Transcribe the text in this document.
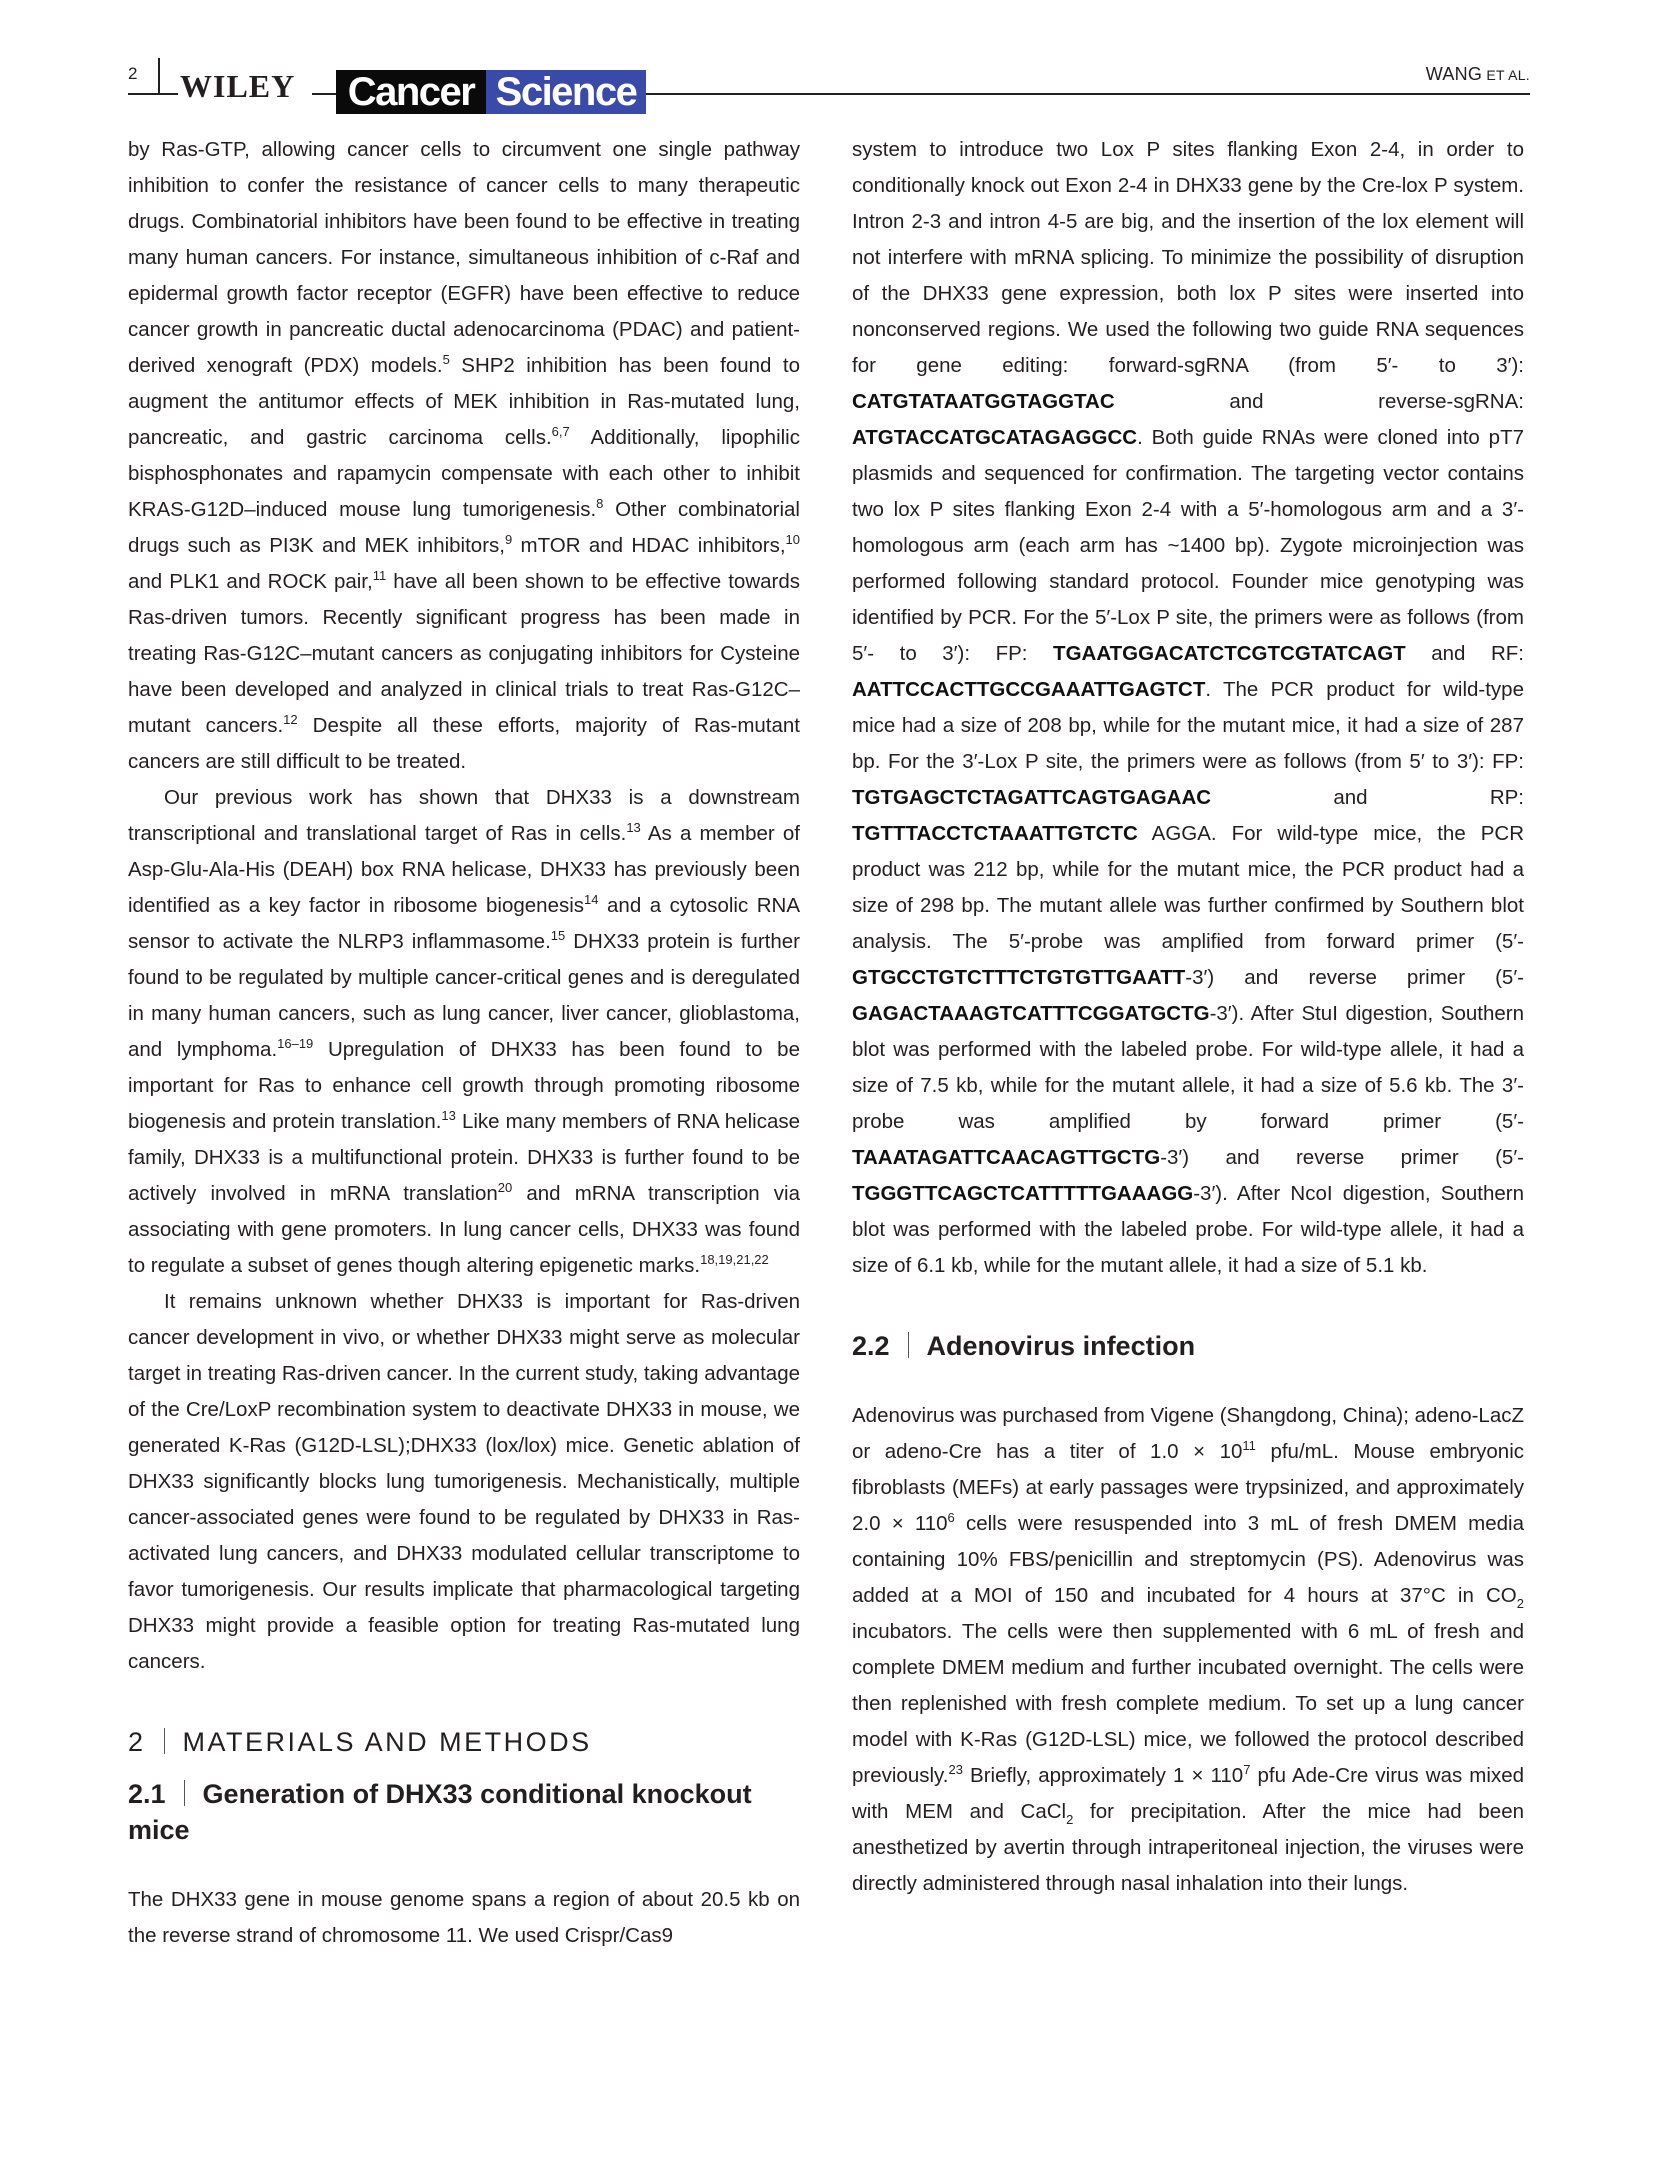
2 WILEY Cancer Science	WANG ET AL.

by Ras-GTP, allowing cancer cells to circumvent one single pathway inhibition to confer the resistance of cancer cells to many therapeutic drugs. Combinatorial inhibitors have been found to be effective in treating many human cancers. For instance, simultaneous inhibition of c-Raf and epidermal growth factor receptor (EGFR) have been effective to reduce cancer growth in pancreatic ductal adenocarcinoma (PDAC) and patient-derived xenograft (PDX) models.$^5$ SHP2 inhibition has been found to augment the antitumor effects of MEK inhibition in Ras-mutated lung, pancreatic, and gastric carcinoma cells.$^{6,7}$ Additionally, lipophilic bisphosphonates and rapamycin compensate with each other to inhibit KRAS-G12D–induced mouse lung tumorigenesis.$^8$ Other combinatorial drugs such as PI3K and MEK inhibitors,$^9$ mTOR and HDAC inhibitors,$^{10}$ and PLK1 and ROCK pair,$^{11}$ have all been shown to be effective towards Ras-driven tumors. Recently significant progress has been made in treating Ras-G12C–mutant cancers as conjugating inhibitors for Cysteine have been developed and analyzed in clinical trials to treat Ras-G12C–mutant cancers.$^{12}$ Despite all these efforts, majority of Ras-mutant cancers are still difficult to be treated.

Our previous work has shown that DHX33 is a downstream transcriptional and translational target of Ras in cells.$^{13}$ As a member of Asp-Glu-Ala-His (DEAH) box RNA helicase, DHX33 has previously been identified as a key factor in ribosome biogenesis$^{14}$ and a cytosolic RNA sensor to activate the NLRP3 inflammasome.$^{15}$ DHX33 protein is further found to be regulated by multiple cancer-critical genes and is deregulated in many human cancers, such as lung cancer, liver cancer, glioblastoma, and lymphoma.$^{16-19}$ Upregulation of DHX33 has been found to be important for Ras to enhance cell growth through promoting ribosome biogenesis and protein translation.$^{13}$ Like many members of RNA helicase family, DHX33 is a multifunctional protein. DHX33 is further found to be actively involved in mRNA translation$^{20}$ and mRNA transcription via associating with gene promoters. In lung cancer cells, DHX33 was found to regulate a subset of genes though altering epigenetic marks.$^{18,19,21,22}$

It remains unknown whether DHX33 is important for Ras-driven cancer development in vivo, or whether DHX33 might serve as molecular target in treating Ras-driven cancer. In the current study, taking advantage of the Cre/LoxP recombination system to deactivate DHX33 in mouse, we generated K-Ras (G12D-LSL);DHX33 (lox/lox) mice. Genetic ablation of DHX33 significantly blocks lung tumorigenesis. Mechanistically, multiple cancer-associated genes were found to be regulated by DHX33 in Ras-activated lung cancers, and DHX33 modulated cellular transcriptome to favor tumorigenesis. Our results implicate that pharmacological targeting DHX33 might provide a feasible option for treating Ras-mutated lung cancers.

2 MATERIALS AND METHODS
2.1 Generation of DHX33 conditional knockout mice

The DHX33 gene in mouse genome spans a region of about 20.5 kb on the reverse strand of chromosome 11. We used Crispr/Cas9

system to introduce two Lox P sites flanking Exon 2-4, in order to conditionally knock out Exon 2-4 in DHX33 gene by the Cre-lox P system. Intron 2-3 and intron 4-5 are big, and the insertion of the lox element will not interfere with mRNA splicing. To minimize the possibility of disruption of the DHX33 gene expression, both lox P sites were inserted into nonconserved regions. We used the following two guide RNA sequences for gene editing: forward-sgRNA (from 5′- to 3′): CATGTATAATGGTAGGTAC and reverse-sgRNA: ATGTACCATGCATAGAGGCC. Both guide RNAs were cloned into pT7 plasmids and sequenced for confirmation. The targeting vector contains two lox P sites flanking Exon 2-4 with a 5′-homologous arm and a 3′-homologous arm (each arm has ~1400 bp). Zygote microinjection was performed following standard protocol. Founder mice genotyping was identified by PCR. For the 5′-Lox P site, the primers were as follows (from 5′- to 3′): FP: TGAATGGACATCTCGTCGTATCAGT and RF: AATTCCACTTGCCGAAATTGAGTCT. The PCR product for wild-type mice had a size of 208 bp, while for the mutant mice, it had a size of 287 bp. For the 3′-Lox P site, the primers were as follows (from 5′ to 3′): FP: TGTGAGCTCTAGATTCAGTGAGAAC and RP: TGTTTACCTCTAAATTGTCTC AGGA. For wild-type mice, the PCR product was 212 bp, while for the mutant mice, the PCR product had a size of 298 bp. The mutant allele was further confirmed by Southern blot analysis. The 5′-probe was amplified from forward primer (5′-GTGCCTGTCTTTCTGTGTTGAATT-3′) and reverse primer (5′-GAGACTAAAGTCATTTCGGATGCTG-3′). After StuI digestion, Southern blot was performed with the labeled probe. For wild-type allele, it had a size of 7.5 kb, while for the mutant allele, it had a size of 5.6 kb. The 3′-probe was amplified by forward primer (5′-TAAATAGATTCAACAGTTGCTG-3′) and reverse primer (5′-TGGGTTCAGCTCATTTTTGAAAGG-3′). After NcoI digestion, Southern blot was performed with the labeled probe. For wild-type allele, it had a size of 6.1 kb, while for the mutant allele, it had a size of 5.1 kb.

2.2 Adenovirus infection

Adenovirus was purchased from Vigene (Shangdong, China); adeno-LacZ or adeno-Cre has a titer of $1.0 \times 10^{11}$ pfu/mL. Mouse embryonic fibroblasts (MEFs) at early passages were trypsinized, and approximately $2.0 \times 110^6$ cells were resuspended into 3 mL of fresh DMEM media containing 10% FBS/penicillin and streptomycin (PS). Adenovirus was added at a MOI of 150 and incubated for 4 hours at 37°C in $CO_2$ incubators. The cells were then supplemented with 6 mL of fresh and complete DMEM medium and further incubated overnight. The cells were then replenished with fresh complete medium. To set up a lung cancer model with K-Ras (G12D-LSL) mice, we followed the protocol described previously.$^{23}$ Briefly, approximately $1 \times 110^7$ pfu Ade-Cre virus was mixed with MEM and CaCl$_2$ for precipitation. After the mice had been anesthetized by avertin through intraperitoneal injection, the viruses were directly administered through nasal inhalation into their lungs.
